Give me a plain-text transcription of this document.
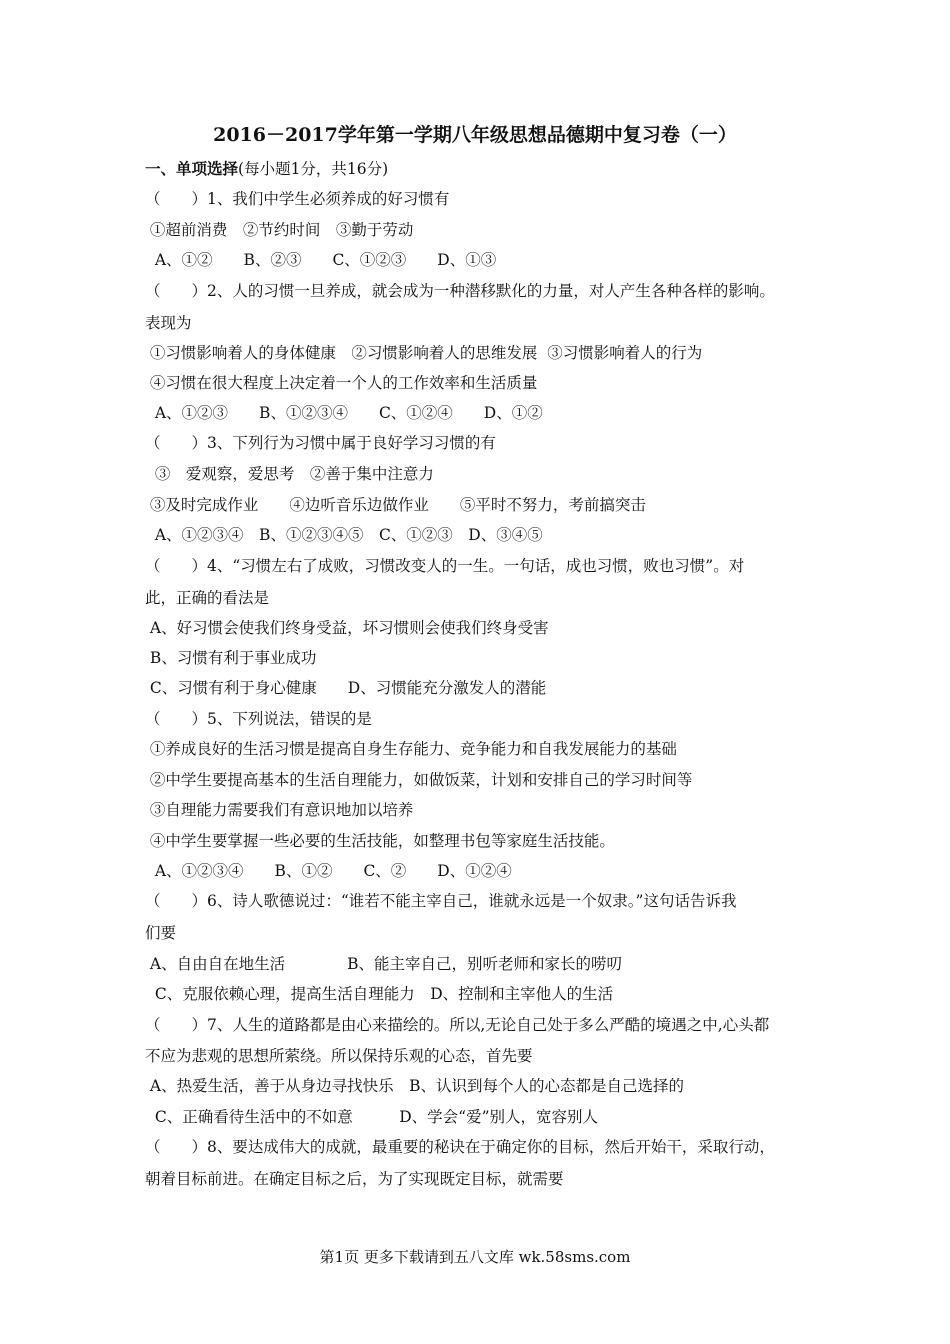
2016－2017学年第一学期八年级思想品德期中复习卷（一）
一、单项选择(每小题1分，共16分)
（　　）1、我们中学生必须养成的好习惯有
①超前消费　②节约时间　③勤于劳动
A、①②　　B、②③　　C、①②③　　D、①③
（　　）2、人的习惯一旦养成，就会成为一种潜移默化的力量，对人产生各种各样的影响。
表现为
①习惯影响着人的身体健康　②习惯影响着人的思维发展  ③习惯影响着人的行为
④习惯在很大程度上决定着一个人的工作效率和生活质量
A、①②③　　B、①②③④　　C、①②④　　D、①②
（　　）3、下列行为习惯中属于良好学习习惯的有
③　爱观察，爱思考　②善于集中注意力
③及时完成作业　　④边听音乐边做作业　　⑤平时不努力，考前搞突击
A、①②③④　B、①②③④⑤　C、①②③　D、③④⑤
（　　）4、“习惯左右了成败，习惯改变人的一生。一句话，成也习惯，败也习惯”。对
此，正确的看法是
A、好习惯会使我们终身受益，坏习惯则会使我们终身受害
B、习惯有利于事业成功
C、习惯有利于身心健康　　D、习惯能充分激发人的潜能
（　　）5、下列说法，错误的是
①养成良好的生活习惯是提高自身生存能力、竞争能力和自我发展能力的基础
②中学生要提高基本的生活自理能力，如做饭菜，计划和安排自己的学习时间等
③自理能力需要我们有意识地加以培养
④中学生要掌握一些必要的生活技能，如整理书包等家庭生活技能。
A、①②③④　　B、①②　　C、②　　D、①②④
（　　）6、诗人歌德说过：“谁若不能主宰自己，谁就永远是一个奴隶。”这句话告诉我
们要
A、自由自在地生活　　　　B、能主宰自己，别听老师和家长的唠叨
C、克服依赖心理，提高生活自理能力　D、控制和主宰他人的生活
（　　）7、人生的道路都是由心来描绘的。所以,无论自己处于多么严酷的境遇之中,心头都
不应为悲观的思想所萦绕。所以保持乐观的心态，首先要
A、热爱生活，善于从身边寻找快乐　B、认识到每个人的心态都是自己选择的
C、正确看待生活中的不如意　　　D、学会“爱”别人，宽容别人
（　　）8、要达成伟大的成就，最重要的秘诀在于确定你的目标，然后开始干，采取行动，
朝着目标前进。在确定目标之后，为了实现既定目标，就需要
第1页 更多下载请到五八文库 wk.58sms.com
